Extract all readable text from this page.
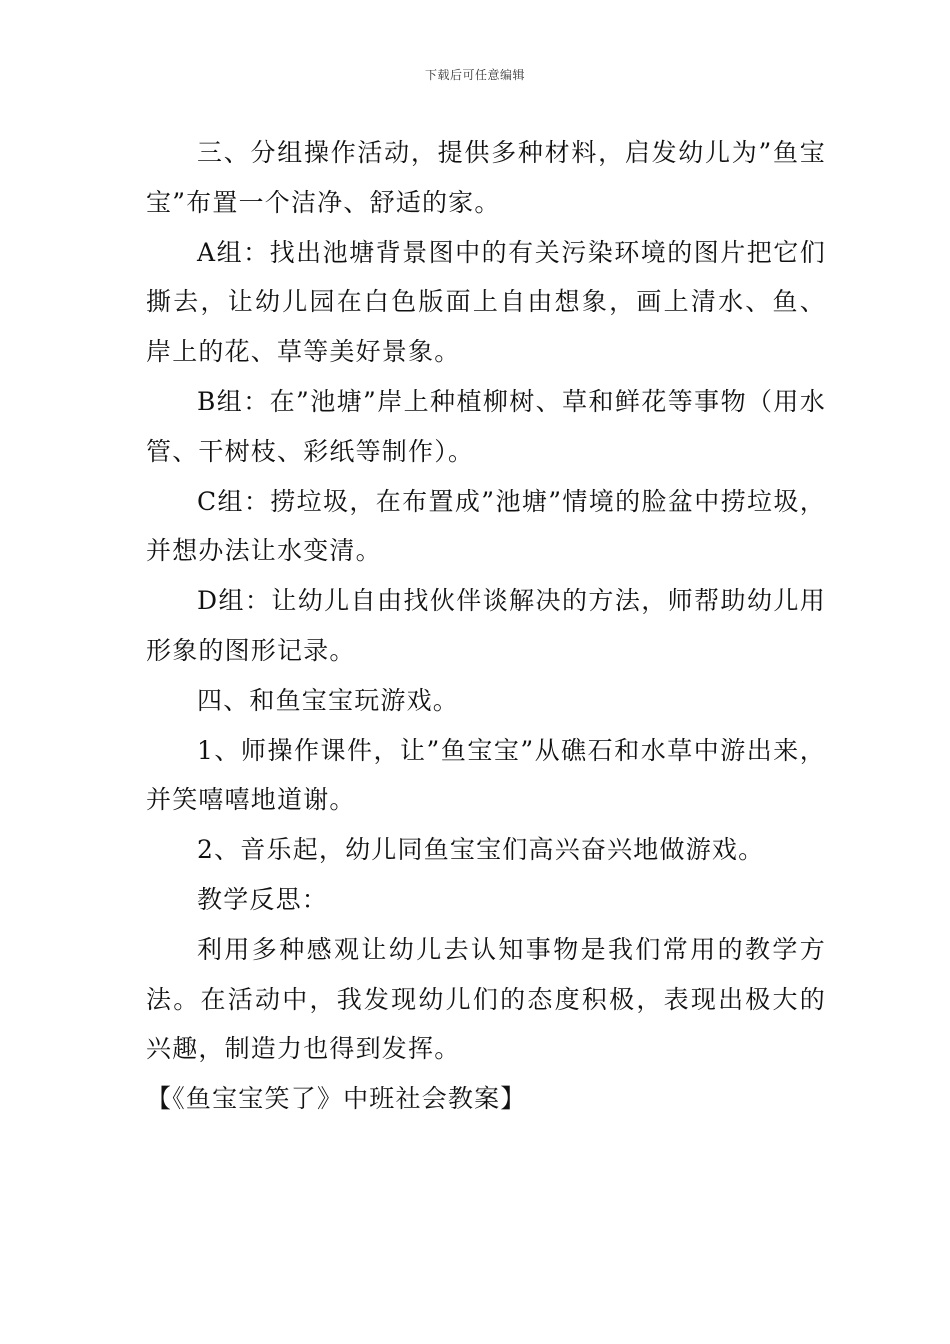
下载后可任意编辑

三、分组操作活动，提供多种材料，启发幼儿为”鱼宝宝”布置一个洁净、舒适的家。

A组：找出池塘背景图中的有关污染环境的图片把它们撕去，让幼儿园在白色版面上自由想象，画上清水、鱼、岸上的花、草等美好景象。

B组：在”池塘”岸上种植柳树、草和鲜花等事物（用水管、干树枝、彩纸等制作）。

C组：捞垃圾，在布置成”池塘”情境的脸盆中捞垃圾，并想办法让水变清。

D组：让幼儿自由找伙伴谈解决的方法，师帮助幼儿用形象的图形记录。

四、和鱼宝宝玩游戏。

1、师操作课件，让”鱼宝宝”从礁石和水草中游出来，并笑嘻嘻地道谢。

2、音乐起，幼儿同鱼宝宝们高兴奋兴地做游戏。

教学反思：

利用多种感观让幼儿去认知事物是我们常用的教学方法。在活动中，我发现幼儿们的态度积极，表现出极大的兴趣，制造力也得到发挥。

【《鱼宝宝笑了》中班社会教案】
